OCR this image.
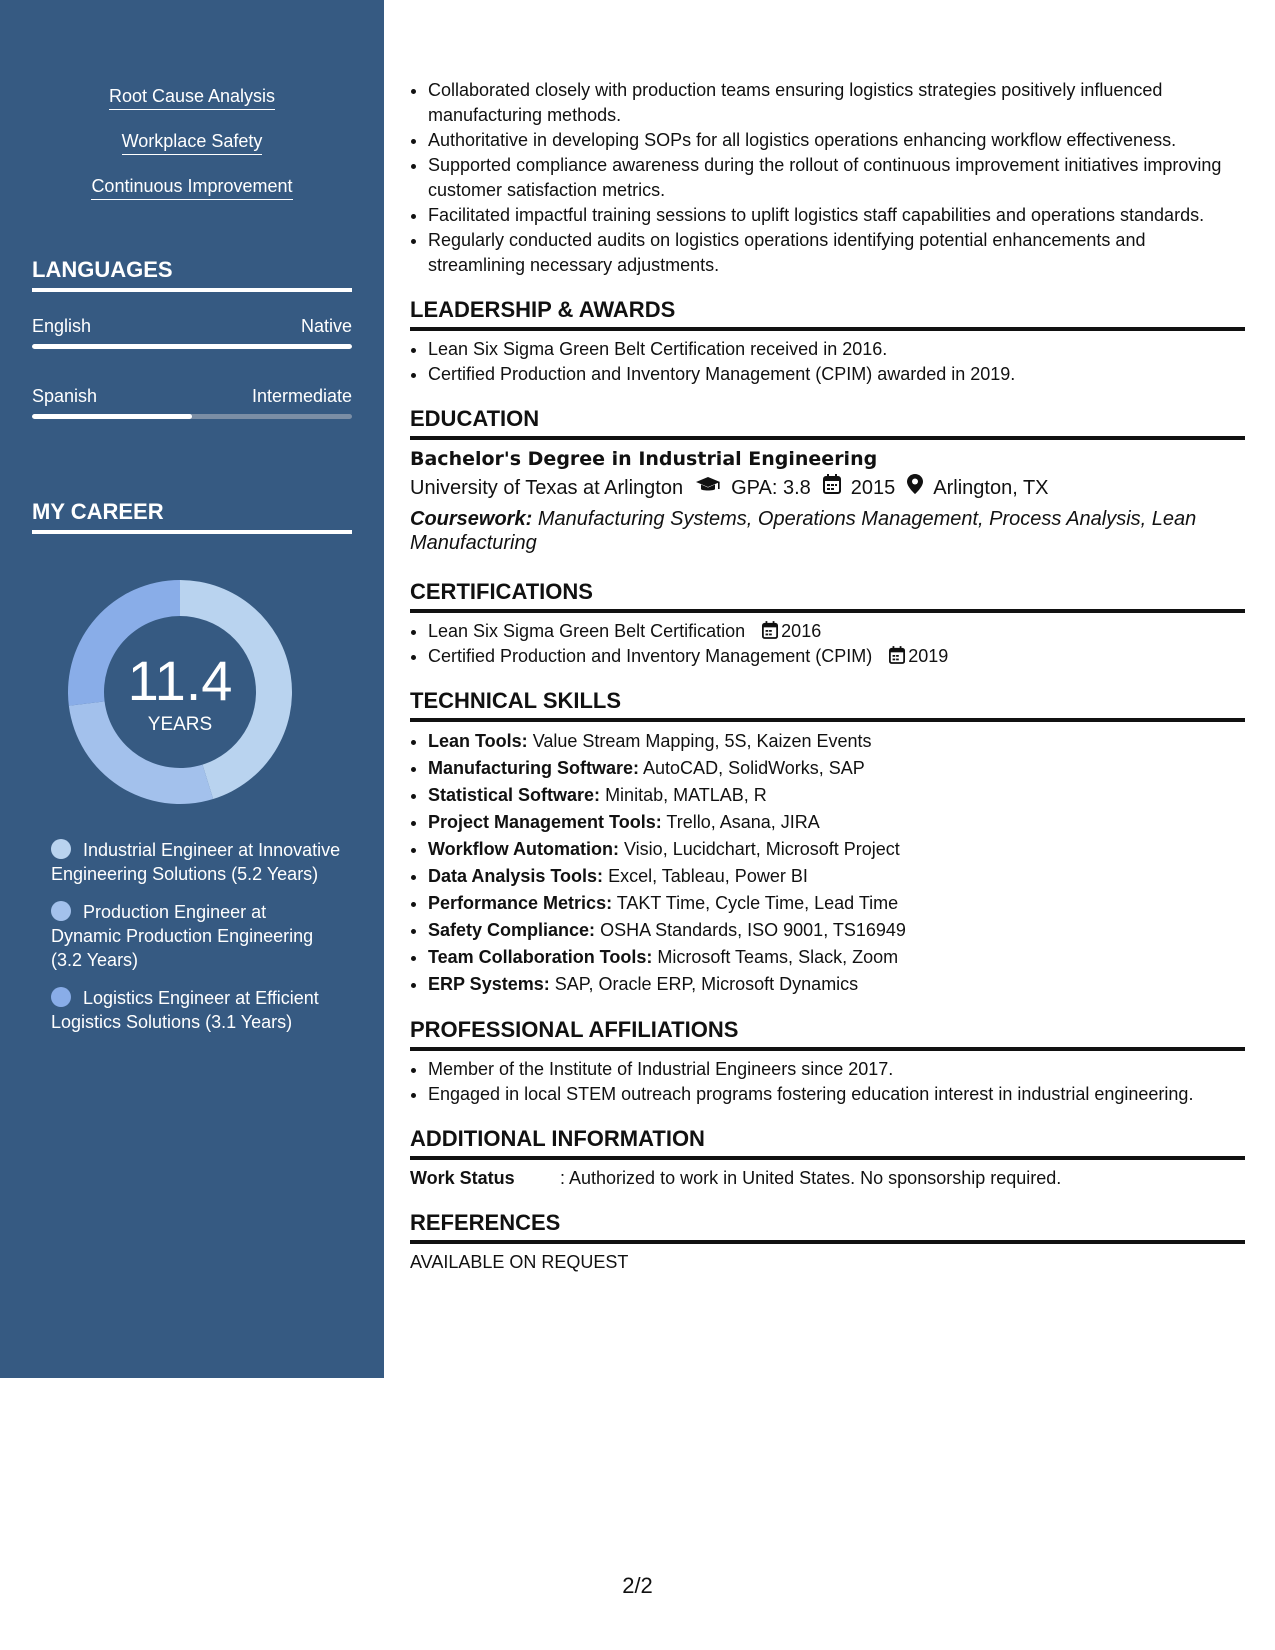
Root Cause Analysis
Workplace Safety
Continuous Improvement
LANGUAGES
English	Native
Spanish	Intermediate
MY CAREER
11.4
YEARS
Industrial Engineer at Innovative Engineering Solutions (5.2 Years)
Production Engineer at Dynamic Production Engineering (3.2 Years)
Logistics Engineer at Efficient Logistics Solutions (3.1 Years)
• Collaborated closely with production teams ensuring logistics strategies positively influenced manufacturing methods.
• Authoritative in developing SOPs for all logistics operations enhancing workflow effectiveness.
• Supported compliance awareness during the rollout of continuous improvement initiatives improving customer satisfaction metrics.
• Facilitated impactful training sessions to uplift logistics staff capabilities and operations standards.
• Regularly conducted audits on logistics operations identifying potential enhancements and streamlining necessary adjustments.
LEADERSHIP & AWARDS
• Lean Six Sigma Green Belt Certification received in 2016.
• Certified Production and Inventory Management (CPIM) awarded in 2019.
EDUCATION
Bachelor's Degree in Industrial Engineering
University of Texas at Arlington GPA: 3.8 2015 Arlington, TX
Coursework: Manufacturing Systems, Operations Management, Process Analysis, Lean Manufacturing
CERTIFICATIONS
• Lean Six Sigma Green Belt Certification 2016
• Certified Production and Inventory Management (CPIM) 2019
TECHNICAL SKILLS
• Lean Tools: Value Stream Mapping, 5S, Kaizen Events
• Manufacturing Software: AutoCAD, SolidWorks, SAP
• Statistical Software: Minitab, MATLAB, R
• Project Management Tools: Trello, Asana, JIRA
• Workflow Automation: Visio, Lucidchart, Microsoft Project
• Data Analysis Tools: Excel, Tableau, Power BI
• Performance Metrics: TAKT Time, Cycle Time, Lead Time
• Safety Compliance: OSHA Standards, ISO 9001, TS16949
• Team Collaboration Tools: Microsoft Teams, Slack, Zoom
• ERP Systems: SAP, Oracle ERP, Microsoft Dynamics
PROFESSIONAL AFFILIATIONS
• Member of the Institute of Industrial Engineers since 2017.
• Engaged in local STEM outreach programs fostering education interest in industrial engineering.
ADDITIONAL INFORMATION
Work Status	: Authorized to work in United States. No sponsorship required.
REFERENCES
AVAILABLE ON REQUEST
2/2
